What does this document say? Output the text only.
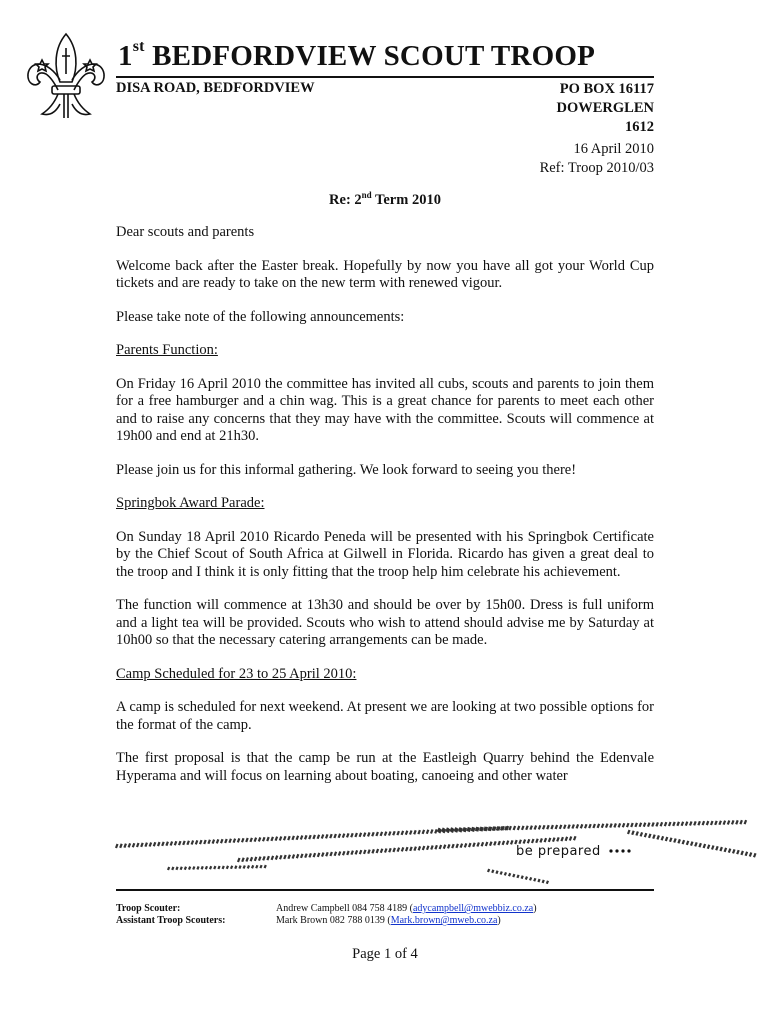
1st BEDFORDVIEW SCOUT TROOP
DISA ROAD, BEDFORDVIEW	PO BOX 16117
DOWERGLEN
1612
16 April 2010
Ref: Troop 2010/03
Re: 2nd Term 2010

Dear scouts and parents

Welcome back after the Easter break. Hopefully by now you have all got your World Cup tickets and are ready to take on the new term with renewed vigour.

Please take note of the following announcements:

Parents Function:

On Friday 16 April 2010 the committee has invited all cubs, scouts and parents to join them for a free hamburger and a chin wag. This is a great chance for parents to meet each other and to raise any concerns that they may have with the committee. Scouts will commence at 19h00 and end at 21h30.

Please join us for this informal gathering. We look forward to seeing you there!

Springbok Award Parade:

On Sunday 18 April 2010 Ricardo Peneda will be presented with his Springbok Certificate by the Chief Scout of South Africa at Gilwell in Florida. Ricardo has given a great deal to the troop and I think it is only fitting that the troop help him celebrate his achievement.

The function will commence at 13h30 and should be over by 15h00. Dress is full uniform and a light tea will be provided. Scouts who wish to attend should advise me by Saturday at 10h00 so that the necessary catering arrangements can be made.

Camp Scheduled for 23 to 25 April 2010:

A camp is scheduled for next weekend. At present we are looking at two possible options for the format of the camp.

The first proposal is that the camp be run at the Eastleigh Quarry behind the Edenvale Hyperama and will focus on learning about boating, canoeing and other water

be prepared
Troop Scouter:
Assistant Troop Scouters:
Andrew Campbell 084 758 4189 (adycampbell@mwebbiz.co.za)
Mark Brown 082 788 0139 (Mark.brown@mweb.co.za)
Page 1 of 4
